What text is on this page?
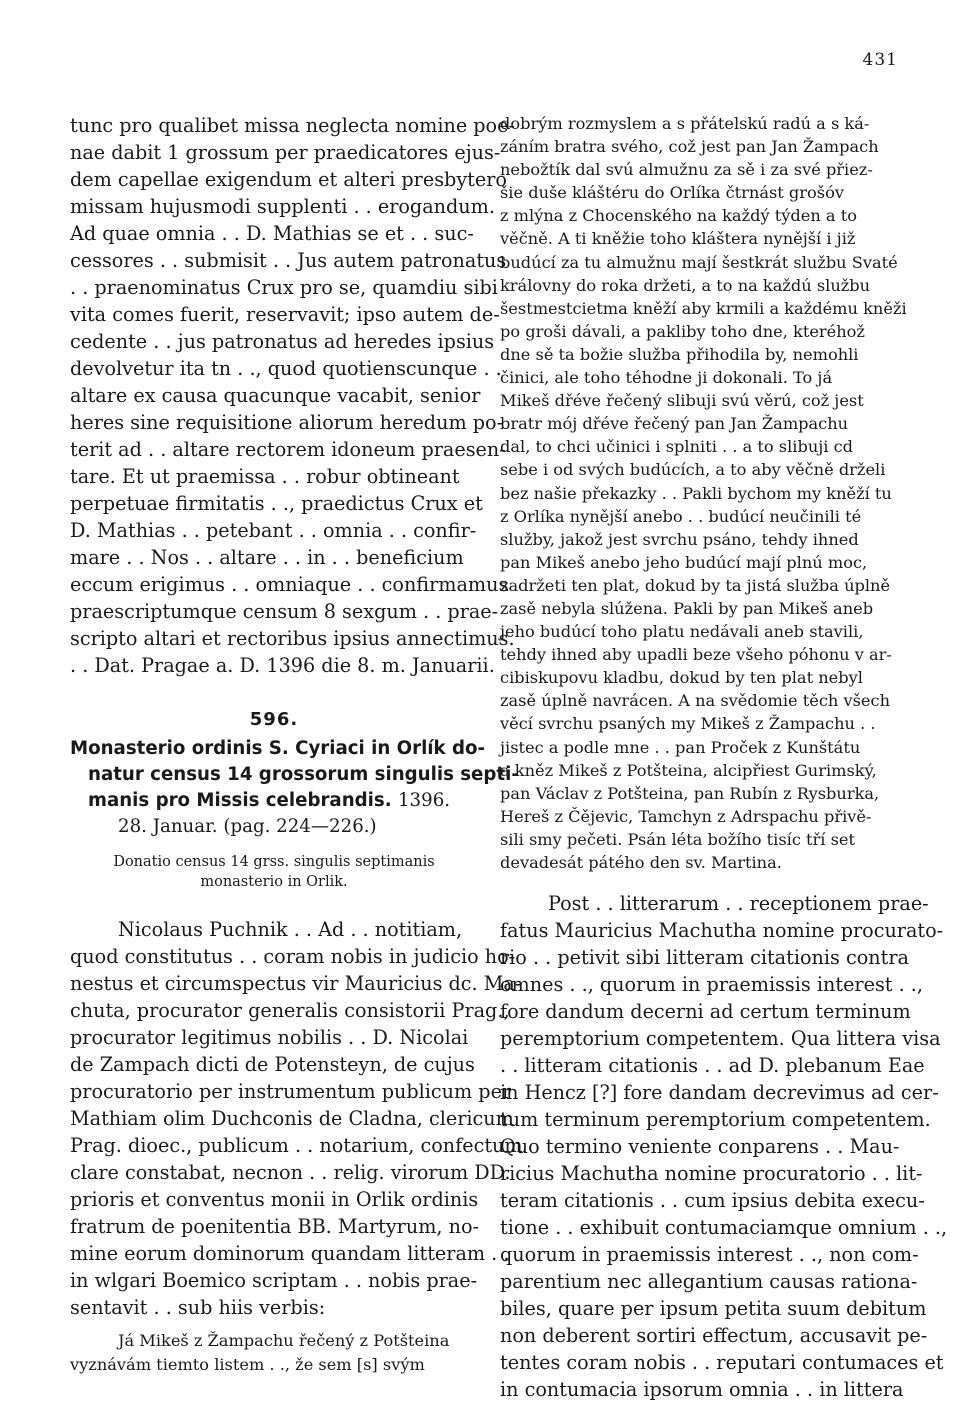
431

tunc pro qualibet missa neglecta nomine poe-

nae dabit 1 grossum per praedicatores ejus-

dem capellae exigendum et alteri presbytero

missam hujusmodi supplenti . . erogandum.

Ad quae omnia . . D. Mathias se et . . suc-

cessores . . submisit . . Jus autem patronatus

. . praenominatus Crux pro se, quamdiu sibi

vita comes fuerit, reservavit; ipso autem de-

cedente . . jus patronatus ad heredes ipsius

devolvetur ita tn . ., quod quotienscunque . .

altare ex causa quacunque vacabit, senior

heres sine requisitione aliorum heredum po-

terit ad . . altare rectorem idoneum praesen-

tare. Et ut praemissa . . robur obtineant

perpetuae firmitatis . ., praedictus Crux et

D. Mathias . . petebant . . omnia . . confir-

mare . . Nos . . altare . . in . . beneficium

eccum erigimus . . omniaque . . confirmamus

praescriptumque censum 8 sexgum . . prae-

scripto altari et rectoribus ipsius annectimus.

. . Dat. Pragae a. D. 1396 die 8. m. Januarii.

596.
Monasterio ordinis S. Cyriaci in Orlík do-
natur census 14 grossorum singulis septi-
manis pro Missis celebrandis. 1396.
28. Januar. (pag. 224—226.)
Donatio census 14 grss. singulis septimanis
monasterio in Orlik.

Nicolaus Puchnik . . Ad . . notitiam,

quod constitutus . . coram nobis in judicio ho-

nestus et circumspectus vir Mauricius dc. Ma-

chuta, procurator generalis consistorii Prag.,

procurator legitimus nobilis . . D. Nicolai

de Zampach dicti de Potensteyn, de cujus

procuratorio per instrumentum publicum per

Mathiam olim Duchconis de Cladna, clericum

Prag. dioec., publicum . . notarium, confectum

clare constabat, necnon . . relig. virorum DD.

prioris et conventus monii in Orlik ordinis

fratrum de poenitentia BB. Martyrum, no-

mine eorum dominorum quandam litteram . .

in wlgari Boemico scriptam . . nobis prae-

sentavit . . sub hiis verbis:

Já Mikeš z Žampachu řečený z Potšteina

vyznávám tiemto listem . ., že sem [s] svým

dobrým rozmyslem a s přátelskú radú a s ká-

záním bratra svého, což jest pan Jan Žampach

nebožtík dal svú almužnu za sě i za své přiez-

šie duše kláštéru do Orlíka čtrnást grošóv

z mlýna z Chocenského na každý týden a to

věčně. A ti kněžie toho kláštera nynější i již

budúcí za tu almužnu mají šestkrát službu Svaté

královny do roka držeti, a to na každú službu

šestmestcietma kněží aby krmili a každému kněži

po groši dávali, a pakliby toho dne, kteréhož

dne sě ta božie služba přihodila by, nemohli

činici, ale toho téhodne ji dokonali. To já

Mikeš dřéve řečený slibuji svú věrú, což jest

bratr mój dřéve řečený pan Jan Žampachu

dal, to chci učinici i splniti . . a to slibuji cd

sebe i od svých budúcích, a to aby věčně drželi

bez našie překazky . . Pakli bychom my kněží tu

z Orlíka nynější anebo . . budúcí neučinili té

služby, jakož jest svrchu psáno, tehdy ihned

pan Mikeš anebo jeho budúcí mají plnú moc,

zadržeti ten plat, dokud by ta jistá služba úplně

zasě nebyla slúžena. Pakli by pan Mikeš aneb

jeho budúcí toho platu nedávali aneb stavili,

tehdy ihned aby upadli beze všeho póhonu v ar-

cibiskupovu kladbu, dokud by ten plat nebyl

zasě úplně navrácen. A na svědomie těch všech

věcí svrchu psaných my Mikeš z Žampachu . .

jistec a podle mne . . pan Proček z Kunštátu

a kněz Mikeš z Potšteina, alcipřiest Gurimský,

pan Václav z Potšteina, pan Rubín z Rysburka,

Hereš z Čějevic, Tamchyn z Adrspachu přivě-

sili smy pečeti. Psán léta božího tisíc tří set

devadesát pátého den sv. Martina.

Post . . litterarum . . receptionem prae-

fatus Mauricius Machutha nomine procurato-

rio . . petivit sibi litteram citationis contra

omnes . ., quorum in praemissis interest . .,

fore dandum decerni ad certum terminum

peremptorium competentem. Qua littera visa

. . litteram citationis . . ad D. plebanum Eae

in Hencz [?] fore dandam decrevimus ad cer-

tum terminum peremptorium competentem.

Quo termino veniente conparens . . Mau-

ricius Machutha nomine procuratorio . . lit-

teram citationis . . cum ipsius debita execu-

tione . . exhibuit contumaciamque omnium . .,

quorum in praemissis interest . ., non com-

parentium nec allegantium causas rationa-

biles, quare per ipsum petita suum debitum

non deberent sortiri effectum, accusavit pe-

tentes coram nobis . . reputari contumaces et

in contumacia ipsorum omnia . . in littera
